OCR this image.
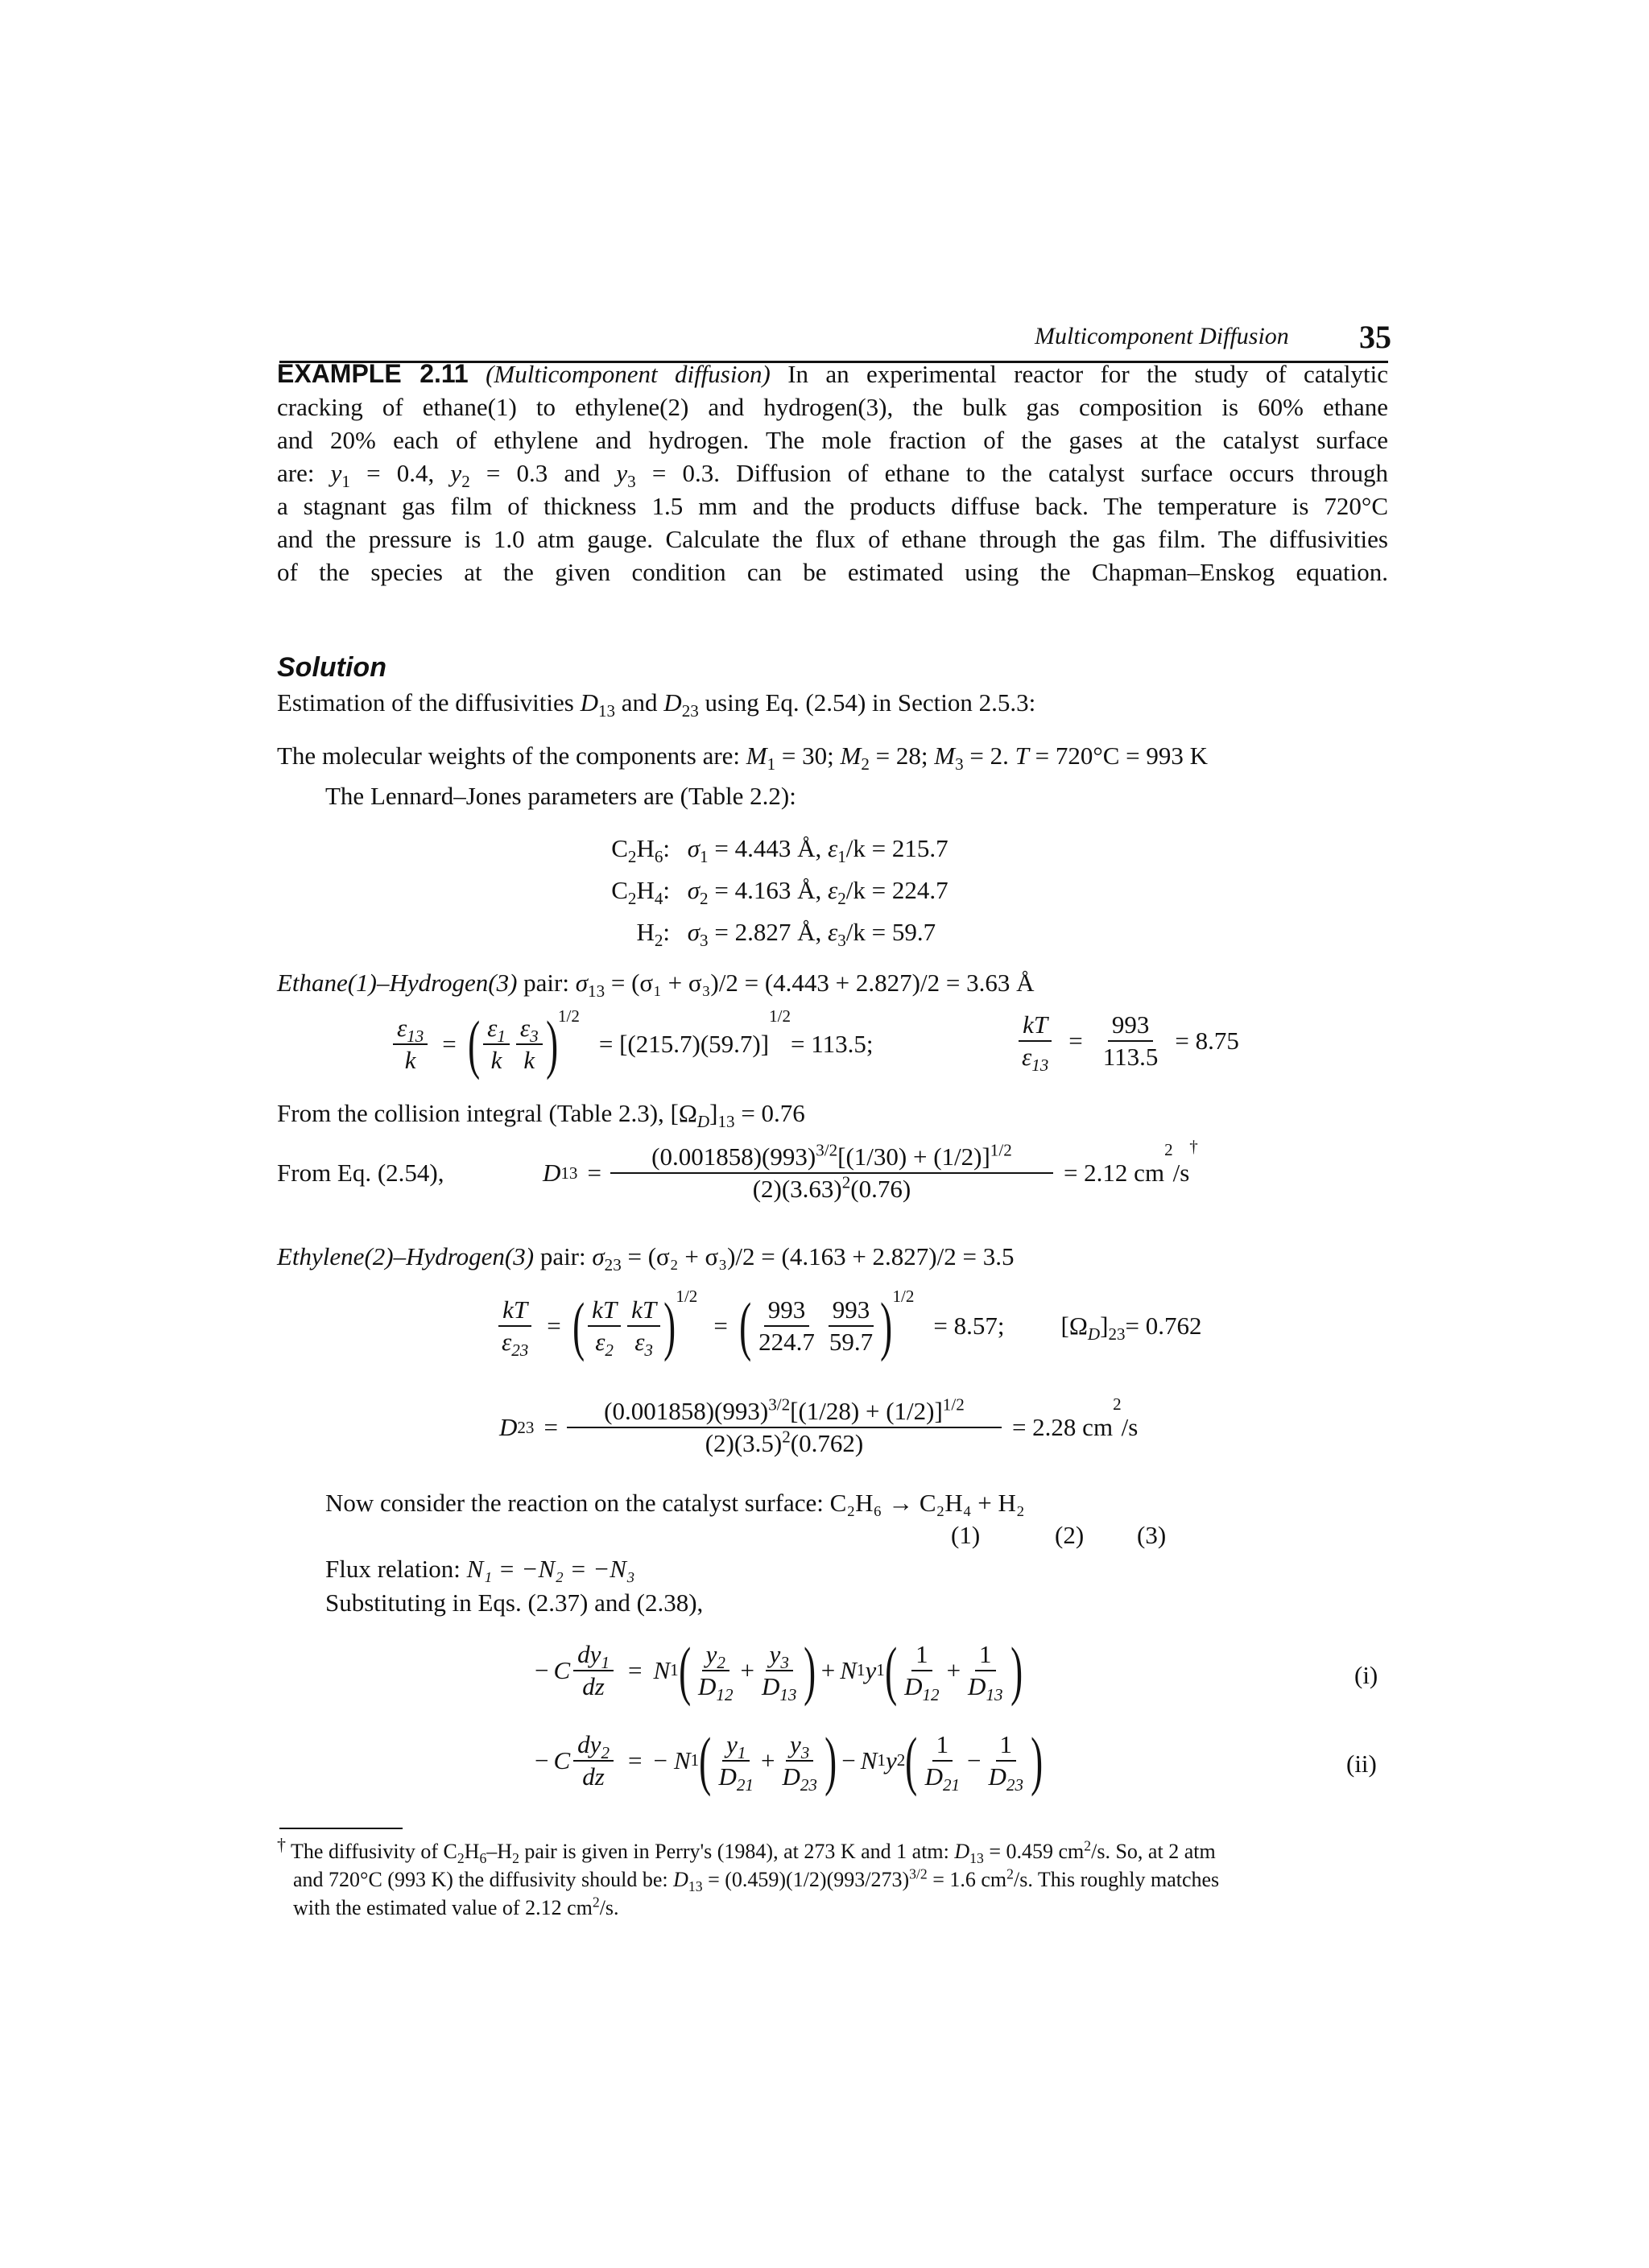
Multicomponent Diffusion 35
EXAMPLE 2.11 (Multicomponent diffusion) In an experimental reactor for the study of catalytic
cracking of ethane(1) to ethylene(2) and hydrogen(3), the bulk gas composition is 60% ethane
and 20% each of ethylene and hydrogen. The mole fraction of the gases at the catalyst surface
are: $y_1 = 0.4$, $y_2 = 0.3$ and $y_3 = 0.3$. Diffusion of ethane to the catalyst surface occurs through
a stagnant gas film of thickness 1.5 mm and the products diffuse back. The temperature is 720°C
and the pressure is 1.0 atm gauge. Calculate the flux of ethane through the gas film. The diffusivities
of the species at the given condition can be estimated using the Chapman–Enskog equation.
Solution
Estimation of the diffusivities $D_{13}$ and $D_{23}$ using Eq. (2.54) in Section 2.5.3:
The molecular weights of the components are: $M_1 = 30$; $M_2 = 28$; $M_3 = 2$. T = 720°C = 993 K
The Lennard–Jones parameters are (Table 2.2):
$C_2H_6$: $\sigma_1 = 4.443$ Å, $\varepsilon_1/k = 215.7$
$C_2H_4$: $\sigma_2 = 4.163$ Å, $\varepsilon_2/k = 224.7$
$H_2$: $\sigma_3 = 2.827$ Å, $\varepsilon_3/k = 59.7$
Ethane(1)–Hydrogen(3) pair: $\sigma_{13} = (\sigma_1 + \sigma_3)/2 = (4.443 + 2.827)/2 = 3.63$ Å
$\frac{\varepsilon_{13}}{k}$ = ( $\frac{\varepsilon_1}{k} \frac{\varepsilon_3}{k}$ ) 1/2
= [(215.7)(59.7)]
1/2
= 113.5;	$\frac{kT}{\varepsilon_{13}} = \frac{993}{113.5} = 8.75$
From the collision integral (Table 2.3), $[\Omega_D]_{13} = 0.76$
From Eq. (2.54),	D $13 = \frac{(0.001858)(993)^{3/2}[(1/30) + (1/2)]^{1/2}}{(2)(3.63)^2(0.76)} = 2.12$ cm
2
/s
†
Ethylene(2)–Hydrogen(3) pair: $\sigma_{23} = (\sigma_2 + \sigma_3)/2 = (4.163 + 2.827)/2 = 3.5$
$\frac{kT}{\varepsilon_{23}}$ = ( $\frac{kT}{\varepsilon_2} \frac{kT}{\varepsilon_3}$ ) 1/2
= ( $\frac{993}{224.7} \frac{993}{59.7}$ ) 1/2
= 8.57; $[\Omega_D]_{23} = 0.762$
D $23 = \frac{(0.001858)(993)^{3/2}[(1/28) + (1/2)]^{1/2}}{(2)(3.5)^2(0.762)} = 2.28$ cm
2
/s
Now consider the reaction on the catalyst surface: C₂H₆ → C₂H₄ + H₂
(1)	(2) (3)
Flux relation: N₁ = −N₂ = −N₃
Substituting in Eqs. (2.37) and (2.38),
− C $\frac{dy_1}{dz} = N$ 1 ( $\frac{y_2}{D_{12}} + \frac{y_3}{D_{13}}$ ) + N 1 y 1 ( $\frac{1}{D_{12}} + \frac{1}{D_{13}}$ )	(i)
− C $\frac{dy_2}{dz}$ = − N 1 ( $\frac{y_1}{D_{21}} + \frac{y_3}{D_{23}}$ ) − N 1 y 2 ( $\frac{1}{D_{21}} - \frac{1}{D_{23}}$ )	(ii)
† The diffusivity of $C_2H_6-H_2$ pair is given in Perry's (1984), at 273 K and 1 atm: $D_{13} = 0.459$ $cm^2/s$. So, at 2 atm
and 720°C (993 K) the diffusivity should be: $D_{13} = (0.459)(1/2)(993/273)^{3/2} = 1.6$ $cm^2/s$. This roughly matches
with the estimated value of 2.12 $cm^2/s$.
